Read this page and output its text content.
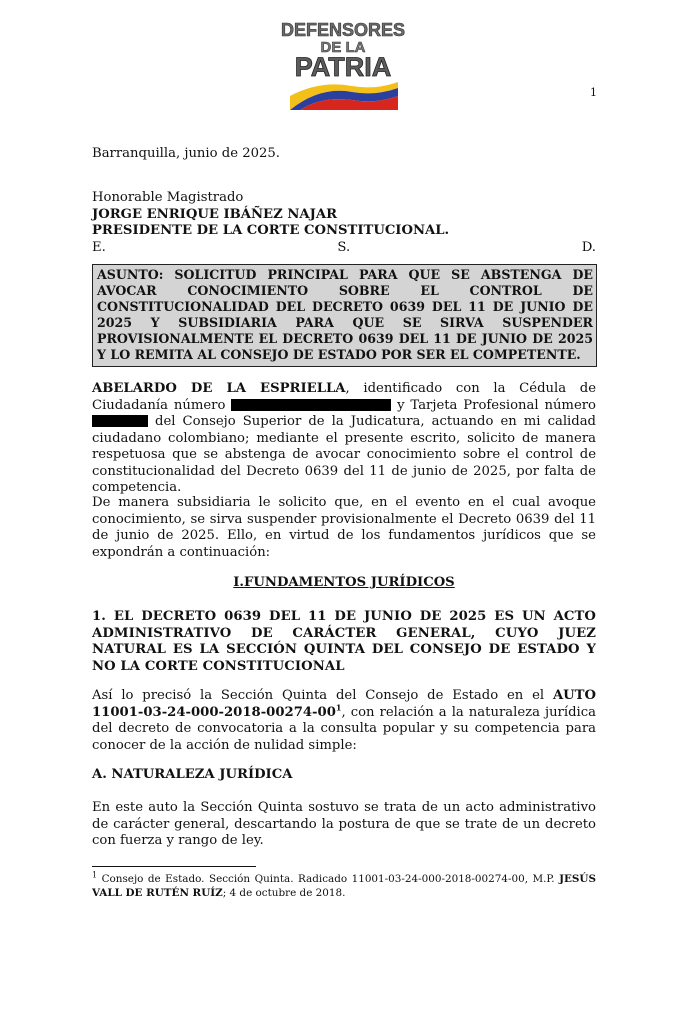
DEFENSORES
DE LA
PATRIA
1
Barranquilla, junio de 2025.

Honorable Magistrado

JORGE ENRIQUE IBÁÑEZ NAJAR

PRESIDENTE DE LA CORTE CONSTITUCIONAL.

E.	S.	D.
ASUNTO: SOLICITUD PRINCIPAL PARA QUE SE ABSTENGA DE AVOCAR CONOCIMIENTO SOBRE EL CONTROL DE CONSTITUCIONALIDAD DEL DECRETO 0639 DEL 11 DE JUNIO DE 2025 Y SUBSIDIARIA PARA QUE SE SIRVA SUSPENDER PROVISIONALMENTE EL DECRETO 0639 DEL 11 DE JUNIO DE 2025 Y LO REMITA AL CONSEJO DE ESTADO POR SER EL COMPETENTE.

ABELARDO DE LA ESPRIELLA, identificado con la Cédula de Ciudadanía número	y Tarjeta Profesional número  del Consejo Superior de la Judicatura, actuando en mi calidad ciudadano colombiano; mediante el presente escrito, solicito de manera respetuosa que se abstenga de avocar conocimiento sobre el control de constitucionalidad del Decreto 0639 del 11 de junio de 2025, por falta de competencia.

De manera subsidiaria le solicito que, en el evento en el cual avoque conocimiento, se sirva suspender provisionalmente el Decreto 0639 del 11 de junio de 2025. Ello, en virtud de los fundamentos jurídicos que se expondrán a continuación:

I.FUNDAMENTOS JURÍDICOS

1. EL DECRETO 0639 DEL 11 DE JUNIO DE 2025 ES UN ACTO ADMINISTRATIVO DE CARÁCTER GENERAL, CUYO JUEZ NATURAL ES LA SECCIÓN QUINTA DEL CONSEJO DE ESTADO Y NO LA CORTE CONSTITUCIONAL

Así lo precisó la Sección Quinta del Consejo de Estado en el AUTO $11001-03-24-000-2018-00274-00^1$, con relación a la naturaleza jurídica del decreto de convocatoria a la consulta popular y su competencia para conocer de la acción de nulidad simple:

A. NATURALEZA JURÍDICA

En este auto la Sección Quinta sostuvo se trata de un acto administrativo de carácter general, descartando la postura de que se trate de un decreto con fuerza y rango de ley.

$^1$ Consejo de Estado. Sección Quinta. Radicado 11001-03-24-000-2018-00274-00, M.P. JESÚS VALL DE RUTÉN RUÍZ; 4 de octubre de 2018.
